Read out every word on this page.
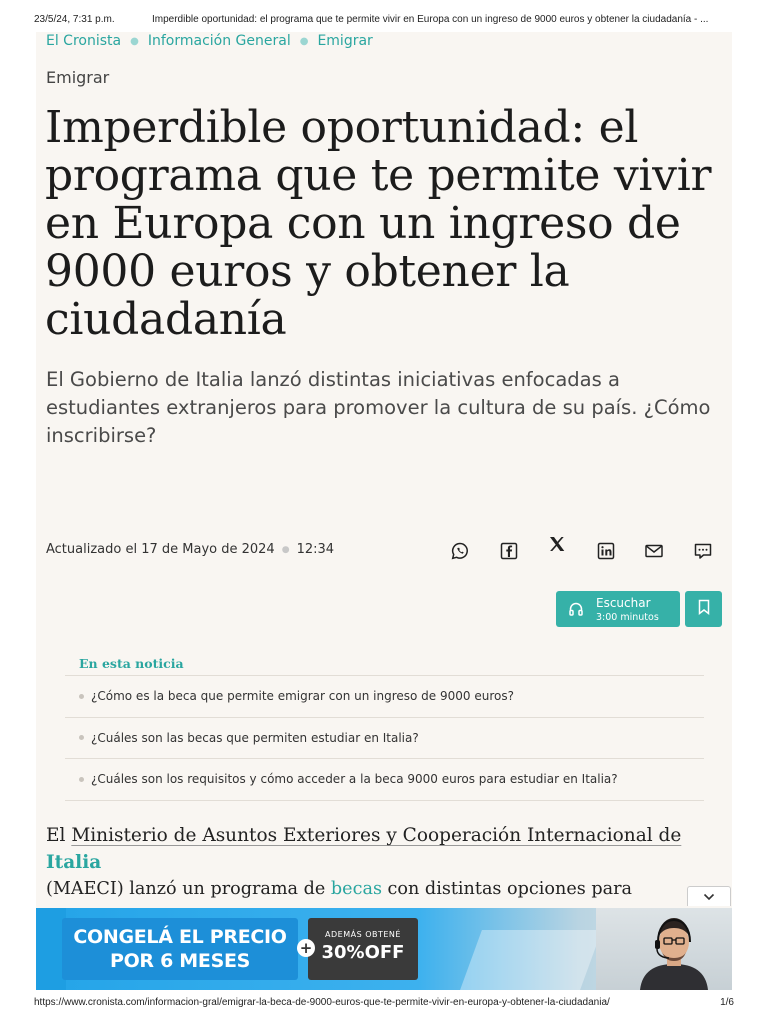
23/5/24, 7:31 p.m.	Imperdible oportunidad: el programa que te permite vivir en Europa con un ingreso de 9000 euros y obtener la ciudadanía - ...
El Cronista ● Información General ● Emigrar
Emigrar
Imperdible oportunidad: el programa que te permite vivir en Europa con un ingreso de 9000 euros y obtener la ciudadanía

El Gobierno de Italia lanzó distintas iniciativas enfocadas a estudiantes extranjeros para promover la cultura de su país. ¿Cómo inscribirse?

Actualizado el 17 de Mayo de 2024 ● 12:34
Escuchar
3:00 minutos
En esta noticia
¿Cómo es la beca que permite emigrar con un ingreso de 9000 euros?
¿Cuáles son las becas que permiten estudiar en Italia?
¿Cuáles son los requisitos y cómo acceder a la beca 9000 euros para estudiar en Italia?
El Ministerio de Asuntos Exteriores y Cooperación Internacional de Italia
(MAECI) lanzó un programa de becas con distintas opciones para
CONGELÁ EL PRECIO
POR 6 MESES
+
ADEMÁS OBTENÉ
30%OFF
https://www.cronista.com/informacion-gral/emigrar-la-beca-de-9000-euros-que-te-permite-vivir-en-europa-y-obtener-la-ciudadania/	1/6
